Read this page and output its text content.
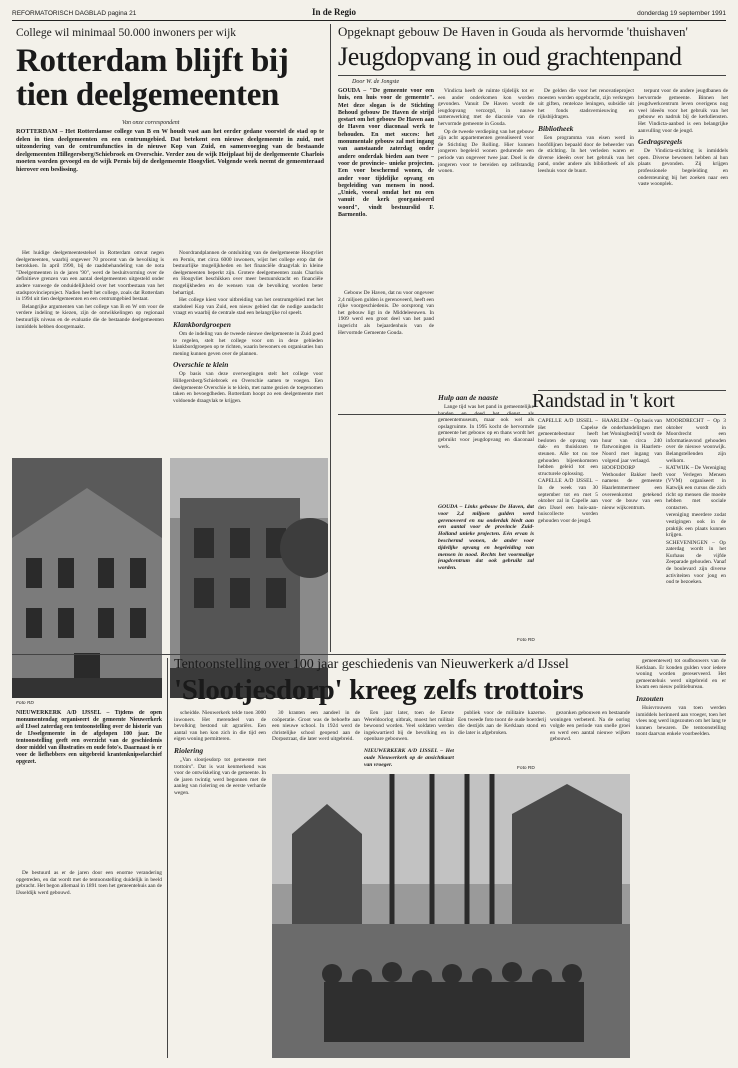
REFORMATORISCH DAGBLAD pagina 21	In de Regio	donderdag 19 september 1991
College wil minimaal 50.000 inwoners per wijk
Rotterdam blijft bij
tien deelgemeenten
Van onze correspondent

ROTTERDAM – Het Rotterdamse college van B en W houdt vast aan het eerder gedane voorstel de stad op te delen in tien deelgemeenten en een centrumgebied. Dat betekent een nieuwe deelgemeente in zuid, met uitzondering van de centrumfuncties in de nieuwe Kop van Zuid, en samenvoeging van de bestaande deelgemeenten Hillegersberg/Schiebroek en Overschie. Verder zou de wijk Heijplaat bij de deelgemeente Charlois moeten worden gevoegd en de wijk Pernis bij de deelgemeente Hoogvliet. Volgende week neemt de gemeenteraad hierover een beslissing.

Het huidige deelgemeentestelsel in Rotterdam omvat negen deelgemeenten, waarbij ongeveer 70 procent van de bevolking is betrokken. In april 1990, bij de raadsbehandeling van de nota "Deelgemeenten in de jaren '90", werd de besluitvorming over de definitieve grenzen van een aantal deelgemeenten uitgesteld onder andere vanwege de onduidelijkheid over het voortbestaan van het stadsprovincieproject. Nadien heeft het college, zoals dat Rotterdam in 1994 uit tien deelgemeenten en een centrumgebied bestaat.

Belangrijke argumenten van het college van B en W om voor de verdere indeling te kiezen, zijn de ontwikkelingen op regionaal bestuurlijk niveau en de evaluatie die de bestaande deelgemeenten inmiddels hebben doorgemaakt.

Noordrandplannen de ontsluiting van de deelgemeente Hoogvliet en Pernis, met circa 6000 inwoners, wijst het college erop dat de bestuurlijke mogelijkheden en het financiële draagvlak in kleine deelgemeenten beperkt zijn. Grotere deelgemeenten zoals Charlois en Hoogvliet beschikken over meer bestuurskracht en financiële mogelijkheden en de wensen van de bevolking worden beter behartigd.

Het college kiest voor uitbreiding van het centrumgebied met het stadsdeel Kop van Zuid, een nieuw gebied dat de nodige aandacht vraagt en waarbij de centrale stad een belangrijke rol speelt.

Klankbordgroepen

Om de indeling van de tweede nieuwe deelgemeente in Zuid goed te regelen, stelt het college voor om in deze gebieden klankbordgroepen op te richten, waarin bewoners en organisaties hun mening kunnen geven over de plannen.

Overschie te klein

Op basis van deze overwegingen stelt het college voor Hillegersberg/Schiebroek en Overschie samen te voegen. Een deelgemeente Overschie is te klein, met name gezien de toegenomen taken en bevoegdheden. Rotterdam hoopt zo een deelgemeente met voldoende draagvlak te krijgen.

Foto RD
Opgeknapt gebouw De Haven in Gouda als hervormde 'thuishaven'
Jeugdopvang in oud grachtenpand
Door W. de Jongste

GOUDA – "De gemeente voor een huis, een huis voor de gemeente". Met deze slogan is de Stichting Behoud gebouw De Haven de strijd gestart om het gebouw De Haven aan de Haven voor diaconaal werk te behouden. En met succes: het monumentale gebouw zal met ingang van aanstaande zaterdag onder andere onderdak bieden aan twee –voor de provincie– unieke projecten. Een voor beschermd wonen, de ander voor tijdelijke opvang en begeleiding van mensen in nood. „Uniek, vooral omdat het nu een vanuit de kerk georganiseerd woord", vindt bestuurslid F. Barmentlo.

Gebouw De Haven, dat nu voor ongeveer 2,4 miljoen gulden is gerenoveerd, heeft een rijke voorgeschiedenis. De oorsprong van het gebouw ligt in de Middeleeuwen. In 1909 werd een groot deel van het pand ingericht als bejaardenhuis van de Hervormde Gemeente Gouda.

Vindicta heeft de ruimte tijdelijk tot er een ander onderkomen kon worden gevonden. Vanuit De Haven wordt de jeugdopvang verzorgd, in nauwe samenwerking met de diaconie van de hervormde gemeente in Gouda.

Op de tweede verdieping van het gebouw zijn acht appartementen gerealiseerd voor de Stichting De Rolling. Hier kunnen jongeren begeleid wonen gedurende een periode van ongeveer twee jaar. Doel is de jongeren voor te bereiden op zelfstandig wonen.

De gelden die voor het renovatieproject moesten worden opgebracht, zijn verkregen uit giften, renteloze leningen, subsidie uit het fonds stadsvernieuwing en rijksbijdragen.

Bibliotheek

Een programma van eisen werd in hoofdlijnen bepaald door de beheerder van de stichting. In het verleden waren er diverse ideeën over het gebruik van het pand, onder andere als bibliotheek of als leeshuis voor de buurt.

terpunt voor de andere jeugdbanen de hervormde gemeente. Binnen het jeugdwerkcentrum leven overigens nog veel ideeën voor het gebruik van het gebouw en nadruk bij de kerkdiensten. Het Vindicta-aanbod is een belangrijke aanvulling voor de jeugd.

Gedragsregels

De Vindicta-stichting is inmiddels open. Diverse bewoners hebben al hun plaats gevonden. Zij krijgen professionele begeleiding en ondersteuning bij het zoeken naar een vaste woonplek.

Hulp aan de naaste

Lange tijd was het pand in gemeentelijke handen en deed het dienst als gemeentemuseum, maar ook wel als opslagruimte. In 1995 kocht de hervormde gemeente het gebouw op en thans wordt het gebruikt voor jeugdopvang en diaconaal werk.

GOUDA – Links gebouw De Haven, dat voor 2,4 miljoen gulden werd gerenoveerd en nu onderdak biedt aan een aantal voor de provincie Zuid-Holland unieke projecten. Eén ervan is beschermd wonen, de ander voor tijdelijke opvang en begeleiding van mensen in nood. Rechts het voormalige jeugdcentrum dat ook gebruikt zal worden.
Foto RD
Randstad in 't kort

CAPELLE A/D IJSSEL – Het Capelse gemeentebestuur heeft besloten de opvang van dak- en thuislozen te steunen. Alle tot nu toe gehouden bijeenkomsten hebben geleid tot een structurele oplossing.

CAPELLE A/D IJSSEL – In de week van 30 september tot en met 5 oktober zal in Capelle aan den IJssel een huis-aan-huiscollecte worden gehouden voor de jeugd.

HAARLEM – Op basis van de onderhandelingen met het Woningbedrijf wordt de huur van circa 240 flatwoningen in Haarlem-Noord met ingang van volgend jaar verlaagd.

HOOFDDORP – Wethouder Bakker heeft namens de gemeente Haarlemmermeer een overeenkomst getekend voor de bouw van een nieuw wijkcentrum.

MOORDRECHT – Op 3 oktober wordt in Moordrecht een informatieavond gehouden over de nieuwe woonwijk. Belangstellenden zijn welkom.

KATWIJK – De Vereniging voor Verlegen Mensen (VVM) organiseert in Katwijk een cursus die zich richt op mensen die moeite hebben met sociale contacten.

vereniging meerdere zodat vestigingen ook in de praktijk een plaats kunnen krijgen.

SCHEVENINGEN – Op zaterdag wordt in het Kurhaus de vijfde Zeeparade gehouden. Vanaf de boulevard zijn diverse activiteiten voor jong en oud te bezoeken.

NIEUWERKERK A/D IJSSEL – Tijdens de open monumentendag organiseert de gemeente Nieuwerkerk a/d IJssel zaterdag een tentoonstelling over de historie van de IJsselgemeente in de afgelopen 100 jaar. De tentoonstelling geeft een overzicht van de geschiedenis door middel van illustraties en oude foto's. Daarnaast is er voor de liefhebbers een uitgebreid krantenknipselarchief opgezet.

De bestuurd as er de jaren door een enorme verandering opgetreden, en dat wordt met de tentoonstelling duidelijk in beeld gebracht. Het begon allemaal in 1891 toen het gemeentehuis aan de IJsseldijk werd gebouwd.

Tentoonstelling over 100 jaar geschiedenis van Nieuwerkerk a/d IJssel
'Slootjesdorp' kreeg zelfs trottoirs

scheidde. Nieuwerkerk telde toen 3000 inwoners. Het merendeel van de bevolking bestond uit agrariërs. Een aantal van hen kon zich in die tijd een eigen woning permitteren.

Riolering

„Van slootjesdorp tot gemeente met trottoirs". Dat is wat kenmerkend was voor de ontwikkeling van de gemeente. In de jaren twintig werd begonnen met de aanleg van riolering en de eerste verharde wegen.

30 kranten een aandeel in de coöperatie. Groot was de behoefte aan een nieuwe school. In 1924 werd de christelijke school geopend aan de Dorpsstraat, die later werd uitgebreid.

Een jaar later, toen de Eerste Wereldoorlog uitbrak, moest het militair bewoond worden. Veel soldaten werden ingekwartierd bij de bevolking en in openbare gebouwen.

NIEUWERKERK A/D IJSSEL – Het oude Nieuwerkerk op de ansichtkaart van vroeger.

publiek voor de militaire kazerne. Een tweede foto toont de oude boerderij die destijds aan de Kerklaan stond en die later is afgebroken.

Foto RD

gezonken gebouwen en bestaande woningen verbeterd. Na de oorlog volgde een periode van snelle groei en werd een aantal nieuwe wijken gebouwd.

gemeentewet) tot oudbouwers van de Kerklaan. Er konden gulden voor iedere woning worden gereserveerd. Het gemeentehuis werd uitgebreid en er kwam een nieuw politiebureau.

Inzouten

Huisvrouwen van toen werden inmiddels herinnerd aan vroeger, toen het vlees nog werd ingezouten om het lang te kunnen bewaren. De tentoonstelling toont daarvan enkele voorbeelden.
